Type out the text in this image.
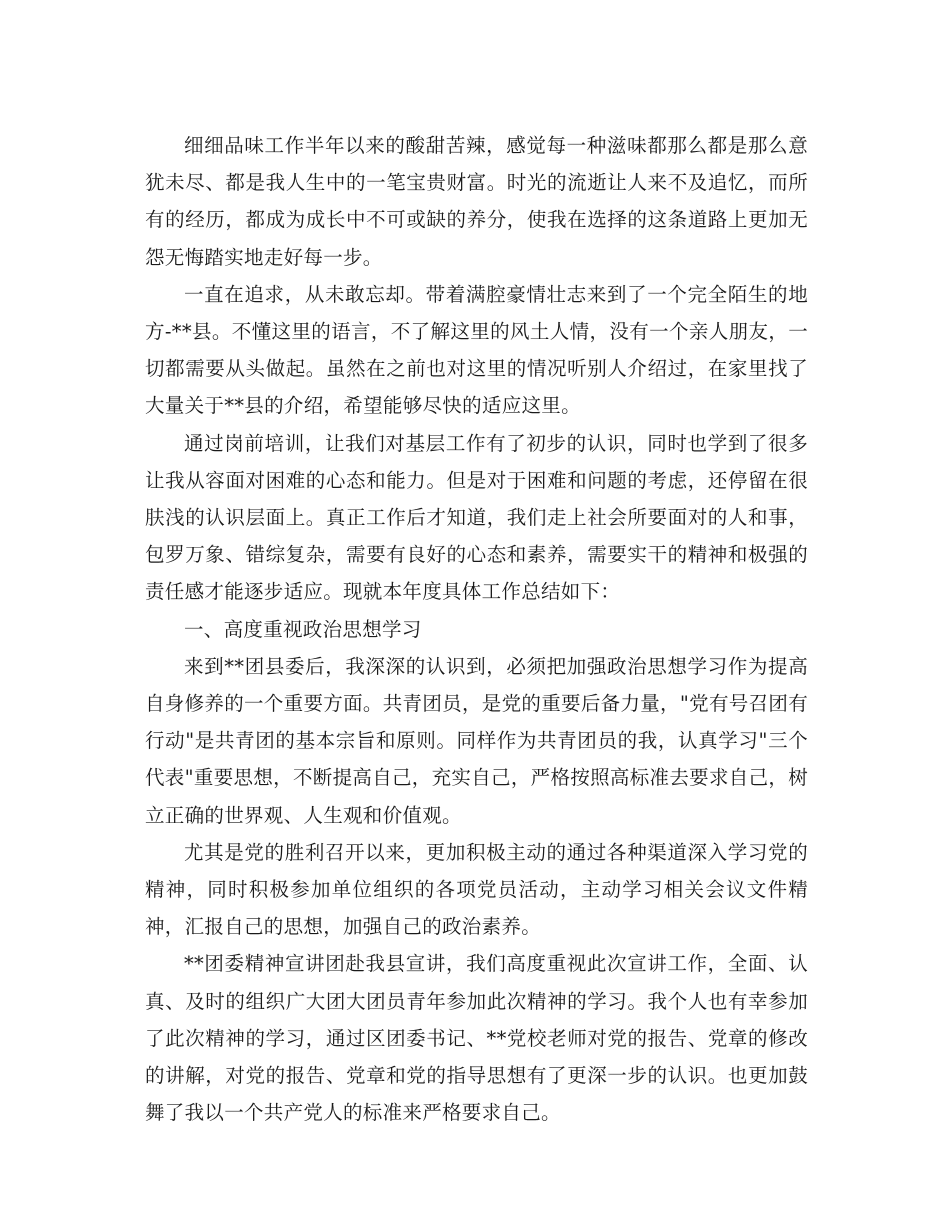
细细品味工作半年以来的酸甜苦辣，感觉每一种滋味都那么都是那么意犹未尽、都是我人生中的一笔宝贵财富。时光的流逝让人来不及追忆，而所有的经历，都成为成长中不可或缺的养分，使我在选择的这条道路上更加无怨无悔踏实地走好每一步。

一直在追求，从未敢忘却。带着满腔豪情壮志来到了一个完全陌生的地方-**县。不懂这里的语言，不了解这里的风土人情，没有一个亲人朋友，一切都需要从头做起。虽然在之前也对这里的情况听别人介绍过，在家里找了大量关于**县的介绍，希望能够尽快的适应这里。

通过岗前培训，让我们对基层工作有了初步的认识，同时也学到了很多让我从容面对困难的心态和能力。但是对于困难和问题的考虑，还停留在很肤浅的认识层面上。真正工作后才知道，我们走上社会所要面对的人和事，包罗万象、错综复杂，需要有良好的心态和素养，需要实干的精神和极强的责任感才能逐步适应。现就本年度具体工作总结如下：

一、高度重视政治思想学习

来到**团县委后，我深深的认识到，必须把加强政治思想学习作为提高自身修养的一个重要方面。共青团员，是党的重要后备力量，"党有号召团有行动"是共青团的基本宗旨和原则。同样作为共青团员的我，认真学习"三个代表"重要思想，不断提高自己，充实自己，严格按照高标准去要求自己，树立正确的世界观、人生观和价值观。

尤其是党的胜利召开以来，更加积极主动的通过各种渠道深入学习党的精神，同时积极参加单位组织的各项党员活动，主动学习相关会议文件精神，汇报自己的思想，加强自己的政治素养。

**团委精神宣讲团赴我县宣讲，我们高度重视此次宣讲工作，全面、认真、及时的组织广大团大团员青年参加此次精神的学习。我个人也有幸参加了此次精神的学习，通过区团委书记、**党校老师对党的报告、党章的修改的讲解，对党的报告、党章和党的指导思想有了更深一步的认识。也更加鼓舞了我以一个共产党人的标准来严格要求自己。
